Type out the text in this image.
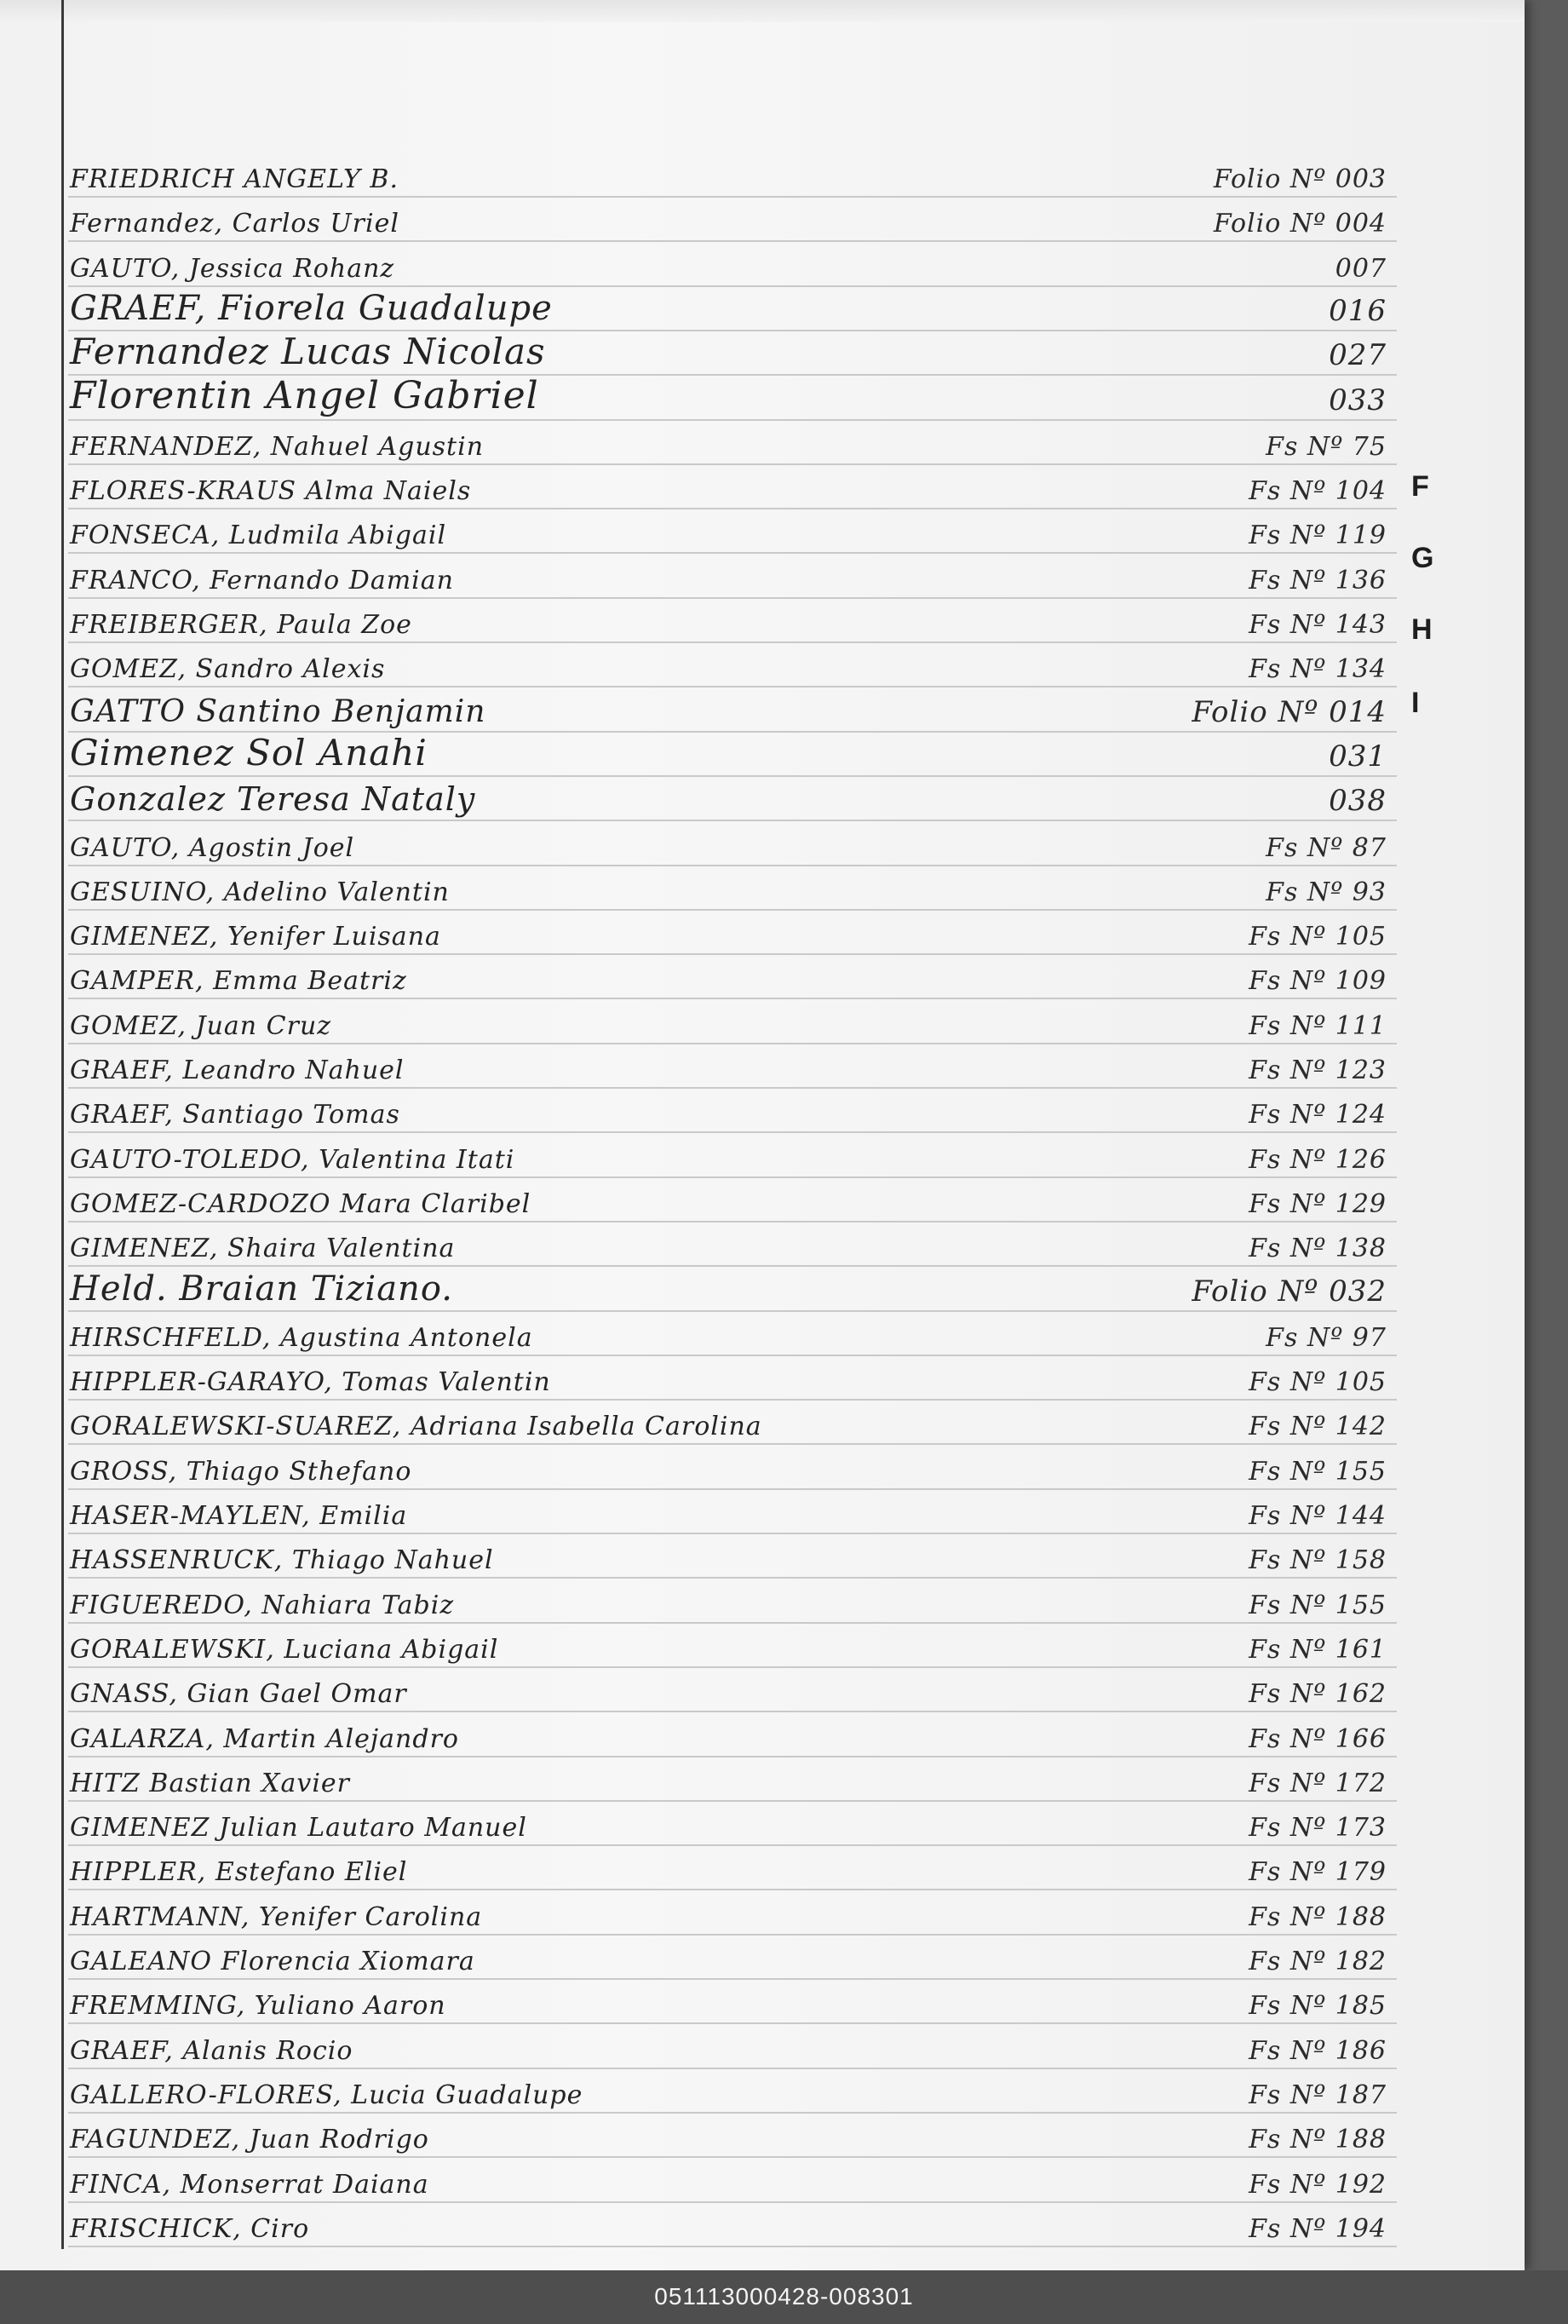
FRIEDRICH ANGELY B.	Folio Nº 003
Fernandez, Carlos Uriel	Folio Nº 004
GAUTO, Jessica Rohanz	007
GRAEF, Fiorela Guadalupe	016
Fernandez Lucas Nicolas	027
Florentin Angel Gabriel	033
FERNANDEZ, Nahuel Agustin	Fs Nº 75
FLORES-KRAUS Alma Naiels	Fs Nº 104
FONSECA, Ludmila Abigail	Fs Nº 119
FRANCO, Fernando Damian	Fs Nº 136
FREIBERGER, Paula Zoe	Fs Nº 143
GOMEZ, Sandro Alexis	Fs Nº 134
GATTO Santino Benjamin	Folio Nº 014
Gimenez Sol Anahi	031
Gonzalez Teresa Nataly	038
GAUTO, Agostin Joel	Fs Nº 87
GESUINO, Adelino Valentin	Fs Nº 93
GIMENEZ, Yenifer Luisana	Fs Nº 105
GAMPER, Emma Beatriz	Fs Nº 109
GOMEZ, Juan Cruz	Fs Nº 111
GRAEF, Leandro Nahuel	Fs Nº 123
GRAEF, Santiago Tomas	Fs Nº 124
GAUTO-TOLEDO, Valentina Itati	Fs Nº 126
GOMEZ-CARDOZO Mara Claribel	Fs Nº 129
GIMENEZ, Shaira Valentina	Fs Nº 138
Held. Braian Tiziano.	Folio Nº 032
HIRSCHFELD, Agustina Antonela	Fs Nº 97
HIPPLER-GARAYO, Tomas Valentin	Fs Nº 105
GORALEWSKI-SUAREZ, Adriana Isabella Carolina	Fs Nº 142
GROSS, Thiago Sthefano	Fs Nº 155
HASER-MAYLEN, Emilia	Fs Nº 144
HASSENRUCK, Thiago Nahuel	Fs Nº 158
FIGUEREDO, Nahiara Tabiz	Fs Nº 155
GORALEWSKI, Luciana Abigail	Fs Nº 161
GNASS, Gian Gael Omar	Fs Nº 162
GALARZA, Martin Alejandro	Fs Nº 166
HITZ Bastian Xavier	Fs Nº 172
GIMENEZ Julian Lautaro Manuel	Fs Nº 173
HIPPLER, Estefano Eliel	Fs Nº 179
HARTMANN, Yenifer Carolina	Fs Nº 188
GALEANO Florencia Xiomara	Fs Nº 182
FREMMING, Yuliano Aaron	Fs Nº 185
GRAEF, Alanis Rocio	Fs Nº 186
GALLERO-FLORES, Lucia Guadalupe	Fs Nº 187
FAGUNDEZ, Juan Rodrigo	Fs Nº 188
FINCA, Monserrat Daiana	Fs Nº 192
FRISCHICK, Ciro	Fs Nº 194
F
G
H
I
051113000428-008301
